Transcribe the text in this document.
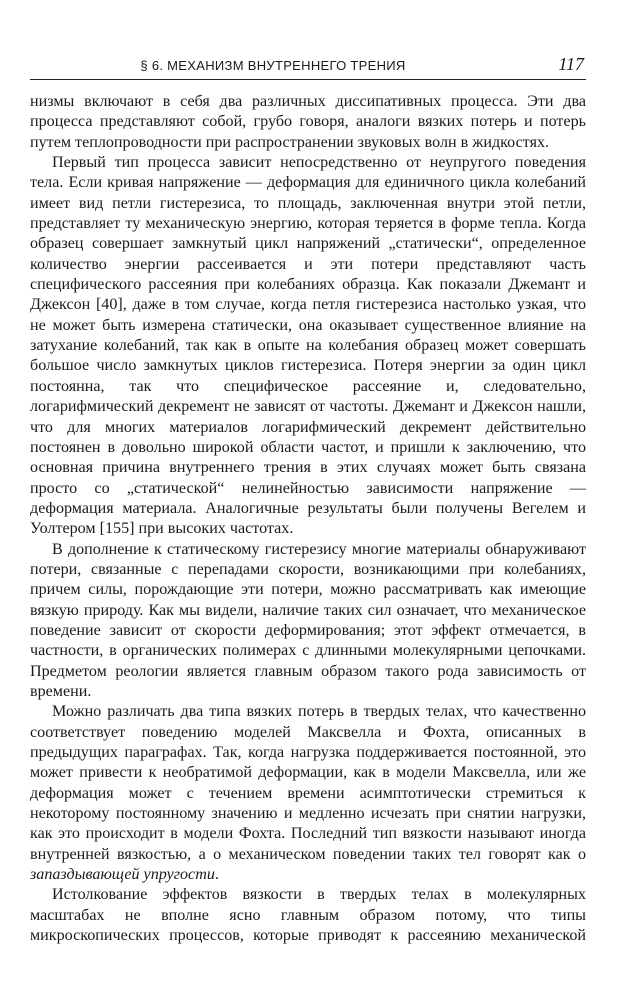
§ 6. МЕХАНИЗМ ВНУТРЕННЕГО ТРЕНИЯ	117

низмы включают в себя два различных диссипативных процесса. Эти два процесса представляют собой, грубо говоря, аналоги вязких потерь и потерь путем теплопроводности при распространении звуковых волн в жидкостях.

Первый тип процесса зависит непосредственно от неупругого поведения тела. Если кривая напряжение — деформация для единичного цикла колебаний имеет вид петли гистерезиса, то площадь, заключенная внутри этой петли, представляет ту механическую энергию, которая теряется в форме тепла. Когда образец совершает замкнутый цикл напряжений „статически“, определенное количество энергии рассеивается и эти потери представляют часть специфического рассеяния при колебаниях образца. Как показали Джемант и Джексон [40], даже в том случае, когда петля гистерезиса настолько узкая, что не может быть измерена статически, она оказывает существенное влияние на затухание колебаний, так как в опыте на колебания образец может совершать большое число замкнутых циклов гистерезиса. Потеря энергии за один цикл постоянна, так что специфическое рассеяние и, следовательно, логарифмический декремент не зависят от частоты. Джемант и Джексон нашли, что для многих материалов логарифмический декремент действительно постоянен в довольно широкой области частот, и пришли к заключению, что основная причина внутреннего трения в этих случаях может быть связана просто со „статической“ нелинейностью зависимости напряжение — деформация материала. Аналогичные результаты были получены Вегелем и Уолтером [155] при высоких частотах.

В дополнение к статическому гистерезису многие материалы обнаруживают потери, связанные с перепадами скорости, возникающими при колебаниях, причем силы, порождающие эти потери, можно рассматривать как имеющие вязкую природу. Как мы видели, наличие таких сил означает, что механическое поведение зависит от скорости деформирования; этот эффект отмечается, в частности, в органических полимерах с длинными молекулярными цепочками. Предметом реологии является главным образом такого рода зависимость от времени.

Можно различать два типа вязких потерь в твердых телах, что качественно соответствует поведению моделей Максвелла и Фохта, описанных в предыдущих параграфах. Так, когда нагрузка поддерживается постоянной, это может привести к необратимой деформации, как в модели Максвелла, или же деформация может с течением времени асимптотически стремиться к некоторому постоянному значению и медленно исчезать при снятии нагрузки, как это происходит в модели Фохта. Последний тип вязкости называют иногда внутренней вязкостью, а о механическом поведении таких тел говорят как о запаздывающей упругости.

Истолкование эффектов вязкости в твердых телах в молекулярных масштабах не вполне ясно главным образом потому, что типы микроскопических процессов, которые приводят к рассеянию механической
